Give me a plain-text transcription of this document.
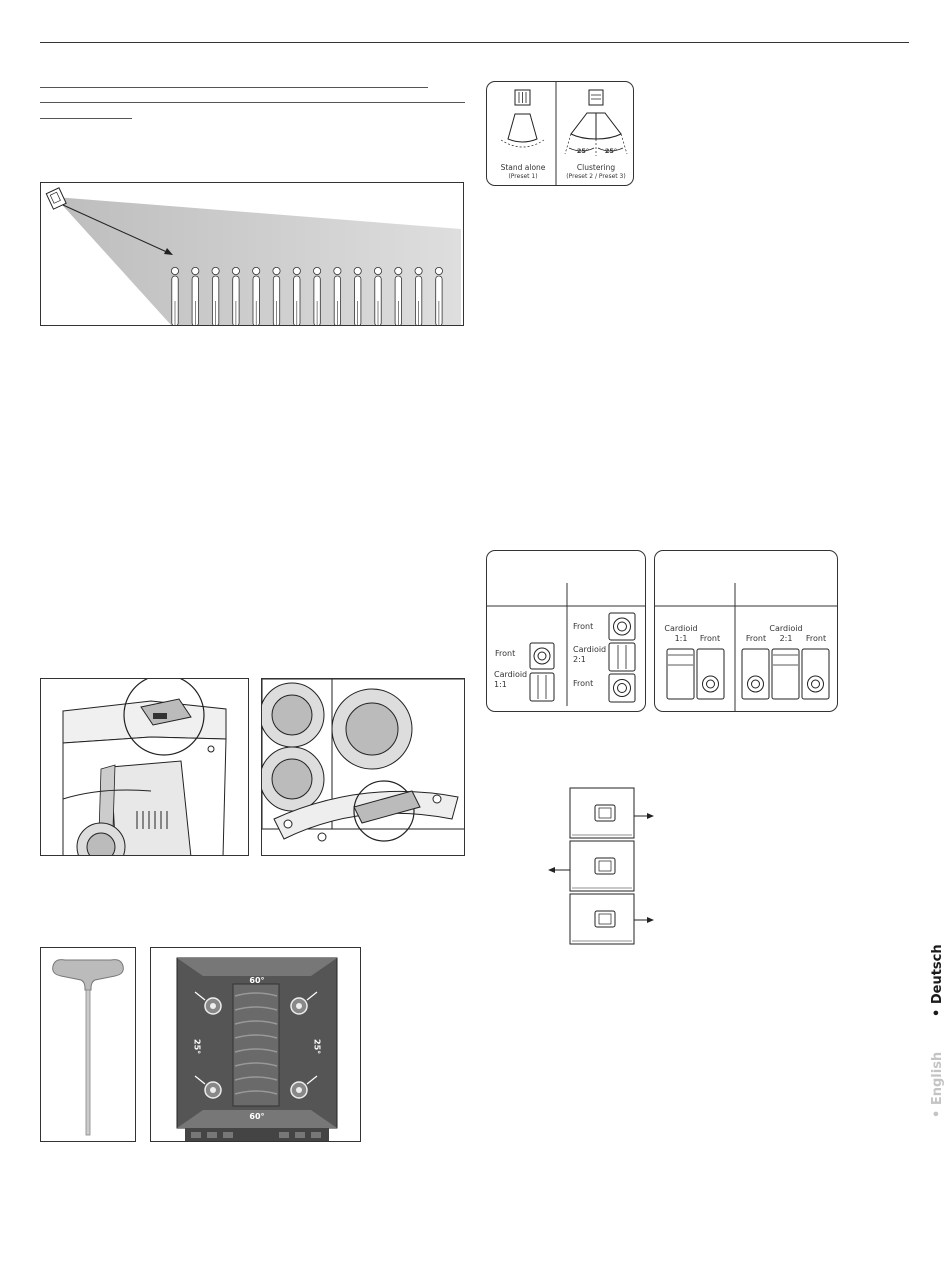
25°	25°
Stand alone
(Preset 1)
Clustering
(Preset 2 / Preset 3)
Front
Cardioid
1:1
Front
Cardioid
2:1
Front
Cardioid
1:1	Front
Cardioid
2:1
Front	Front
60°
60°
25°	25°
• Deutsch
• English
